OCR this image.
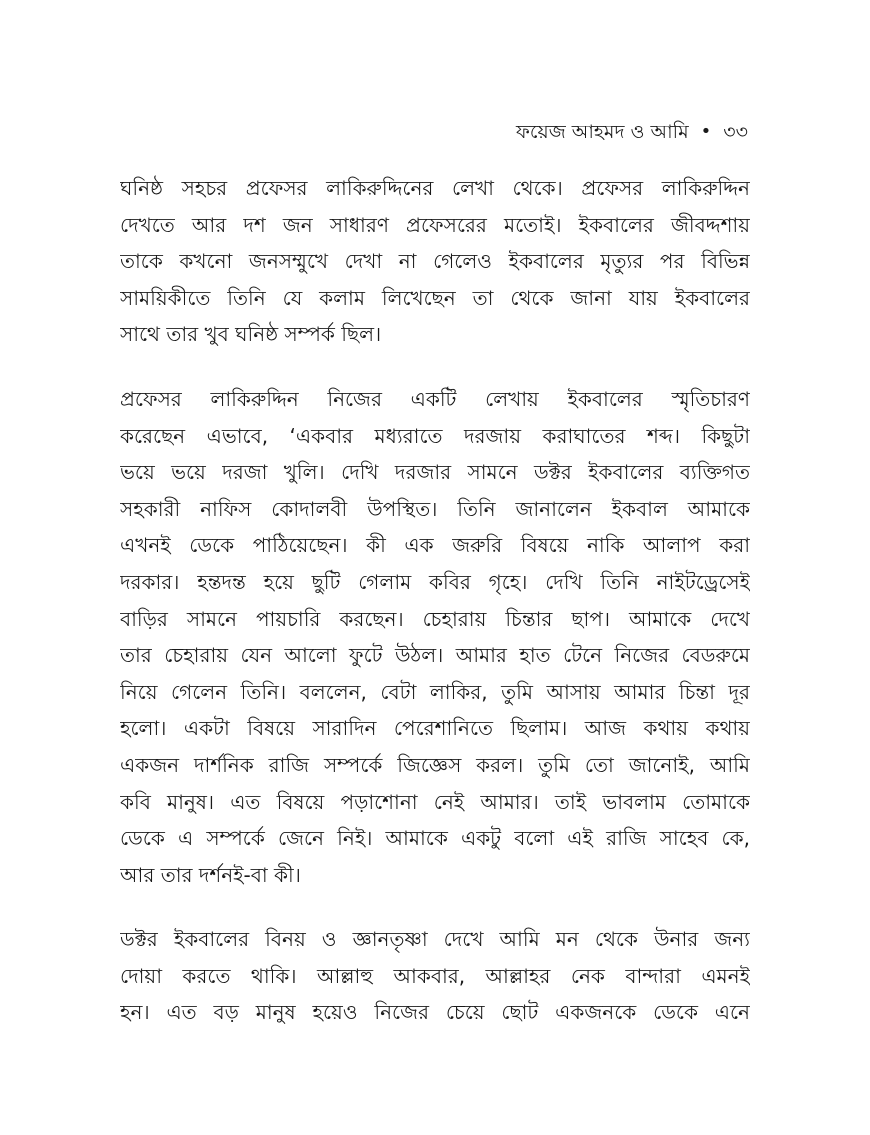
ফয়েজ আহমদ ও আমি • ৩৩
ঘনিষ্ঠ সহচর প্রফেসর লাকিরুদ্দিনের লেখা থেকে। প্রফেসর লাকিরুদ্দিন
দেখতে আর দশ জন সাধারণ প্রফেসরের মতোই। ইকবালের জীবদ্দশায়
তাকে কখনো জনসম্মুখে দেখা না গেলেও ইকবালের মৃত্যুর পর বিভিন্ন
সাময়িকীতে তিনি যে কলাম লিখেছেন তা থেকে জানা যায় ইকবালের
সাথে তার খুব ঘনিষ্ঠ সম্পর্ক ছিল।
প্রফেসর লাকিরুদ্দিন নিজের একটি লেখায় ইকবালের স্মৃতিচারণ
করেছেন এভাবে, ‘একবার মধ্যরাতে দরজায় করাঘাতের শব্দ। কিছুটা
ভয়ে ভয়ে দরজা খুলি। দেখি দরজার সামনে ডক্টর ইকবালের ব্যক্তিগত
সহকারী নাফিস কোদালবী উপস্থিত। তিনি জানালেন ইকবাল আমাকে
এখনই ডেকে পাঠিয়েছেন। কী এক জরুরি বিষয়ে নাকি আলাপ করা
দরকার। হন্তদন্ত হয়ে ছুটি গেলাম কবির গৃহে। দেখি তিনি নাইটড্রেসেই
বাড়ির সামনে পায়চারি করছেন। চেহারায় চিন্তার ছাপ। আমাকে দেখে
তার চেহারায় যেন আলো ফুটে উঠল। আমার হাত টেনে নিজের বেডরুমে
নিয়ে গেলেন তিনি। বললেন, বেটা লাকির, তুমি আসায় আমার চিন্তা দূর
হলো। একটা বিষয়ে সারাদিন পেরেশানিতে ছিলাম। আজ কথায় কথায়
একজন দার্শনিক রাজি সম্পর্কে জিজ্ঞেস করল। তুমি তো জানোই, আমি
কবি মানুষ। এত বিষয়ে পড়াশোনা নেই আমার। তাই ভাবলাম তোমাকে
ডেকে এ সম্পর্কে জেনে নিই। আমাকে একটু বলো এই রাজি সাহেব কে,
আর তার দর্শনই-বা কী।
ডক্টর ইকবালের বিনয় ও জ্ঞানতৃষ্ণা দেখে আমি মন থেকে উনার জন্য
দোয়া করতে থাকি। আল্লাহু আকবার, আল্লাহর নেক বান্দারা এমনই
হন। এত বড় মানুষ হয়েও নিজের চেয়ে ছোট একজনকে ডেকে এনে
